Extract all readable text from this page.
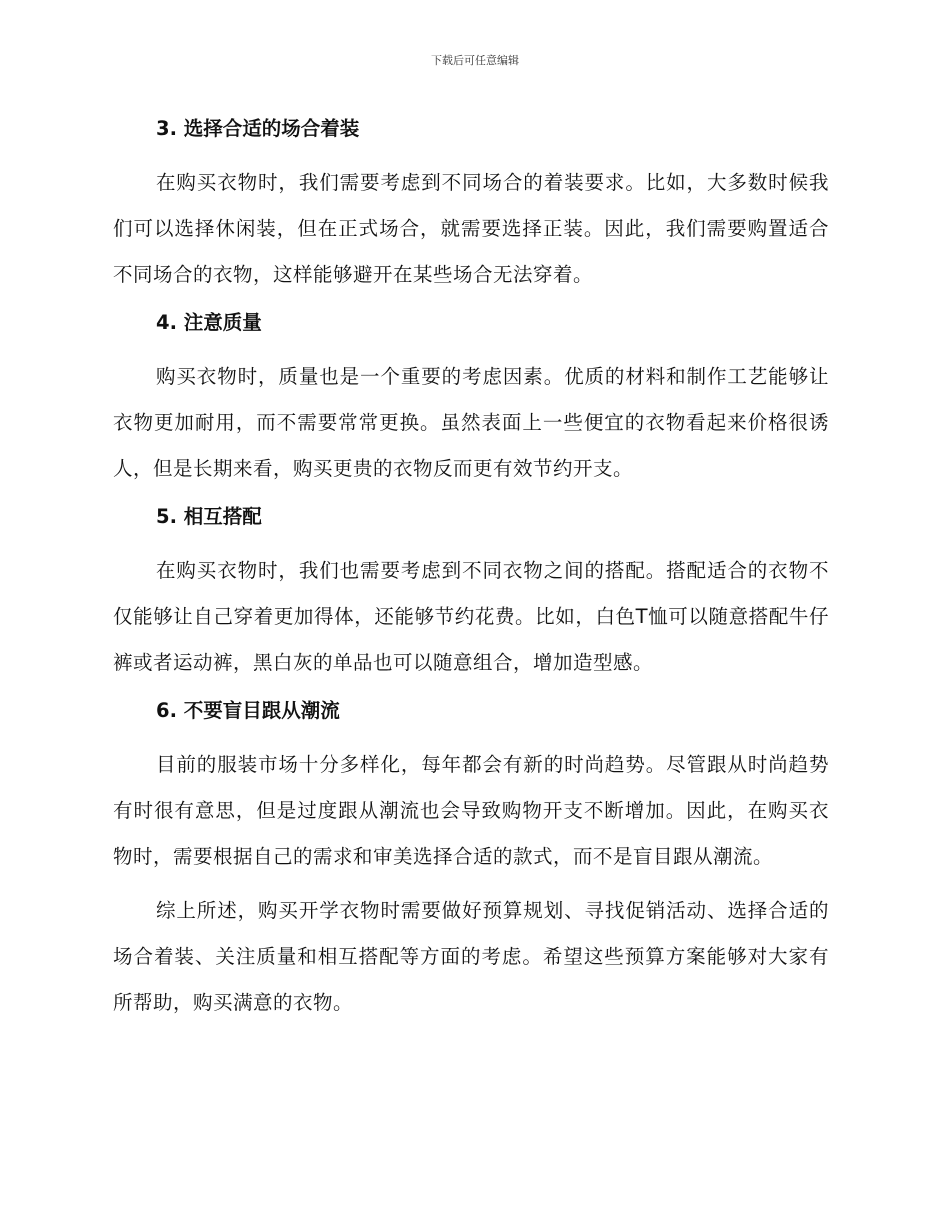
下载后可任意编辑
3. 选择合适的场合着装

在购买衣物时，我们需要考虑到不同场合的着装要求。比如，大多数时候我们可以选择休闲装，但在正式场合，就需要选择正装。因此，我们需要购置适合不同场合的衣物，这样能够避开在某些场合无法穿着。

4. 注意质量

购买衣物时，质量也是一个重要的考虑因素。优质的材料和制作工艺能够让衣物更加耐用，而不需要常常更换。虽然表面上一些便宜的衣物看起来价格很诱人，但是长期来看，购买更贵的衣物反而更有效节约开支。

5. 相互搭配

在购买衣物时，我们也需要考虑到不同衣物之间的搭配。搭配适合的衣物不仅能够让自己穿着更加得体，还能够节约花费。比如，白色T恤可以随意搭配牛仔裤或者运动裤，黑白灰的单品也可以随意组合，增加造型感。

6. 不要盲目跟从潮流

目前的服装市场十分多样化，每年都会有新的时尚趋势。尽管跟从时尚趋势有时很有意思，但是过度跟从潮流也会导致购物开支不断增加。因此，在购买衣物时，需要根据自己的需求和审美选择合适的款式，而不是盲目跟从潮流。

综上所述，购买开学衣物时需要做好预算规划、寻找促销活动、选择合适的场合着装、关注质量和相互搭配等方面的考虑。希望这些预算方案能够对大家有所帮助，购买满意的衣物。
